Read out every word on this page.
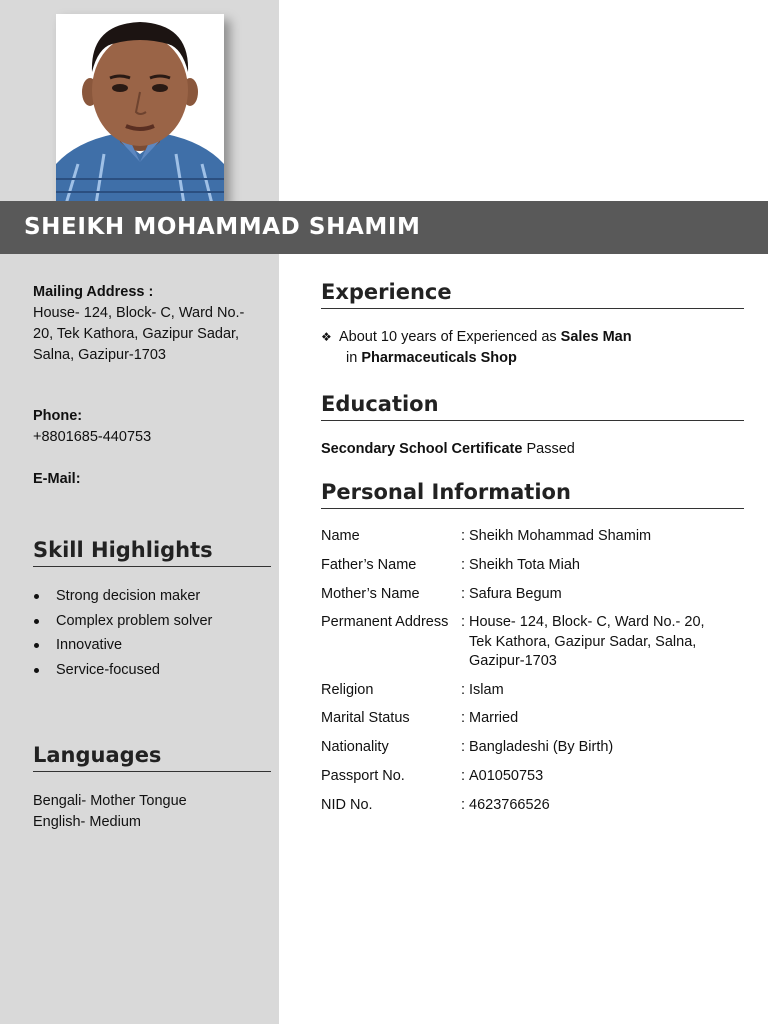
SHEIKH MOHAMMAD SHAMIM
Mailing Address :
House- 124, Block- C, Ward No.-
20, Tek Kathora, Gazipur Sadar,
Salna, Gazipur-1703
Phone:
+8801685-440753
E-Mail:
Skill Highlights
Strong decision maker
Complex problem solver
Innovative
Service-focused
Languages
Bengali- Mother Tongue
English- Medium
Experience
❖ About 10 years of Experienced as Sales Man
in Pharmaceuticals Shop
Education
Secondary School Certificate Passed
Personal Information
Name	: Sheikh Mohammad Shamim
Father’s Name	: Sheikh Tota Miah
Mother’s Name	: Safura Begum
Permanent Address : House- 124, Block- C, Ward No.- 20,
Tek Kathora, Gazipur Sadar, Salna,
Gazipur-1703
Religion	: Islam
Marital Status	: Married
Nationality	: Bangladeshi (By Birth)
Passport No.	: A01050753
NID No.	: 4623766526
